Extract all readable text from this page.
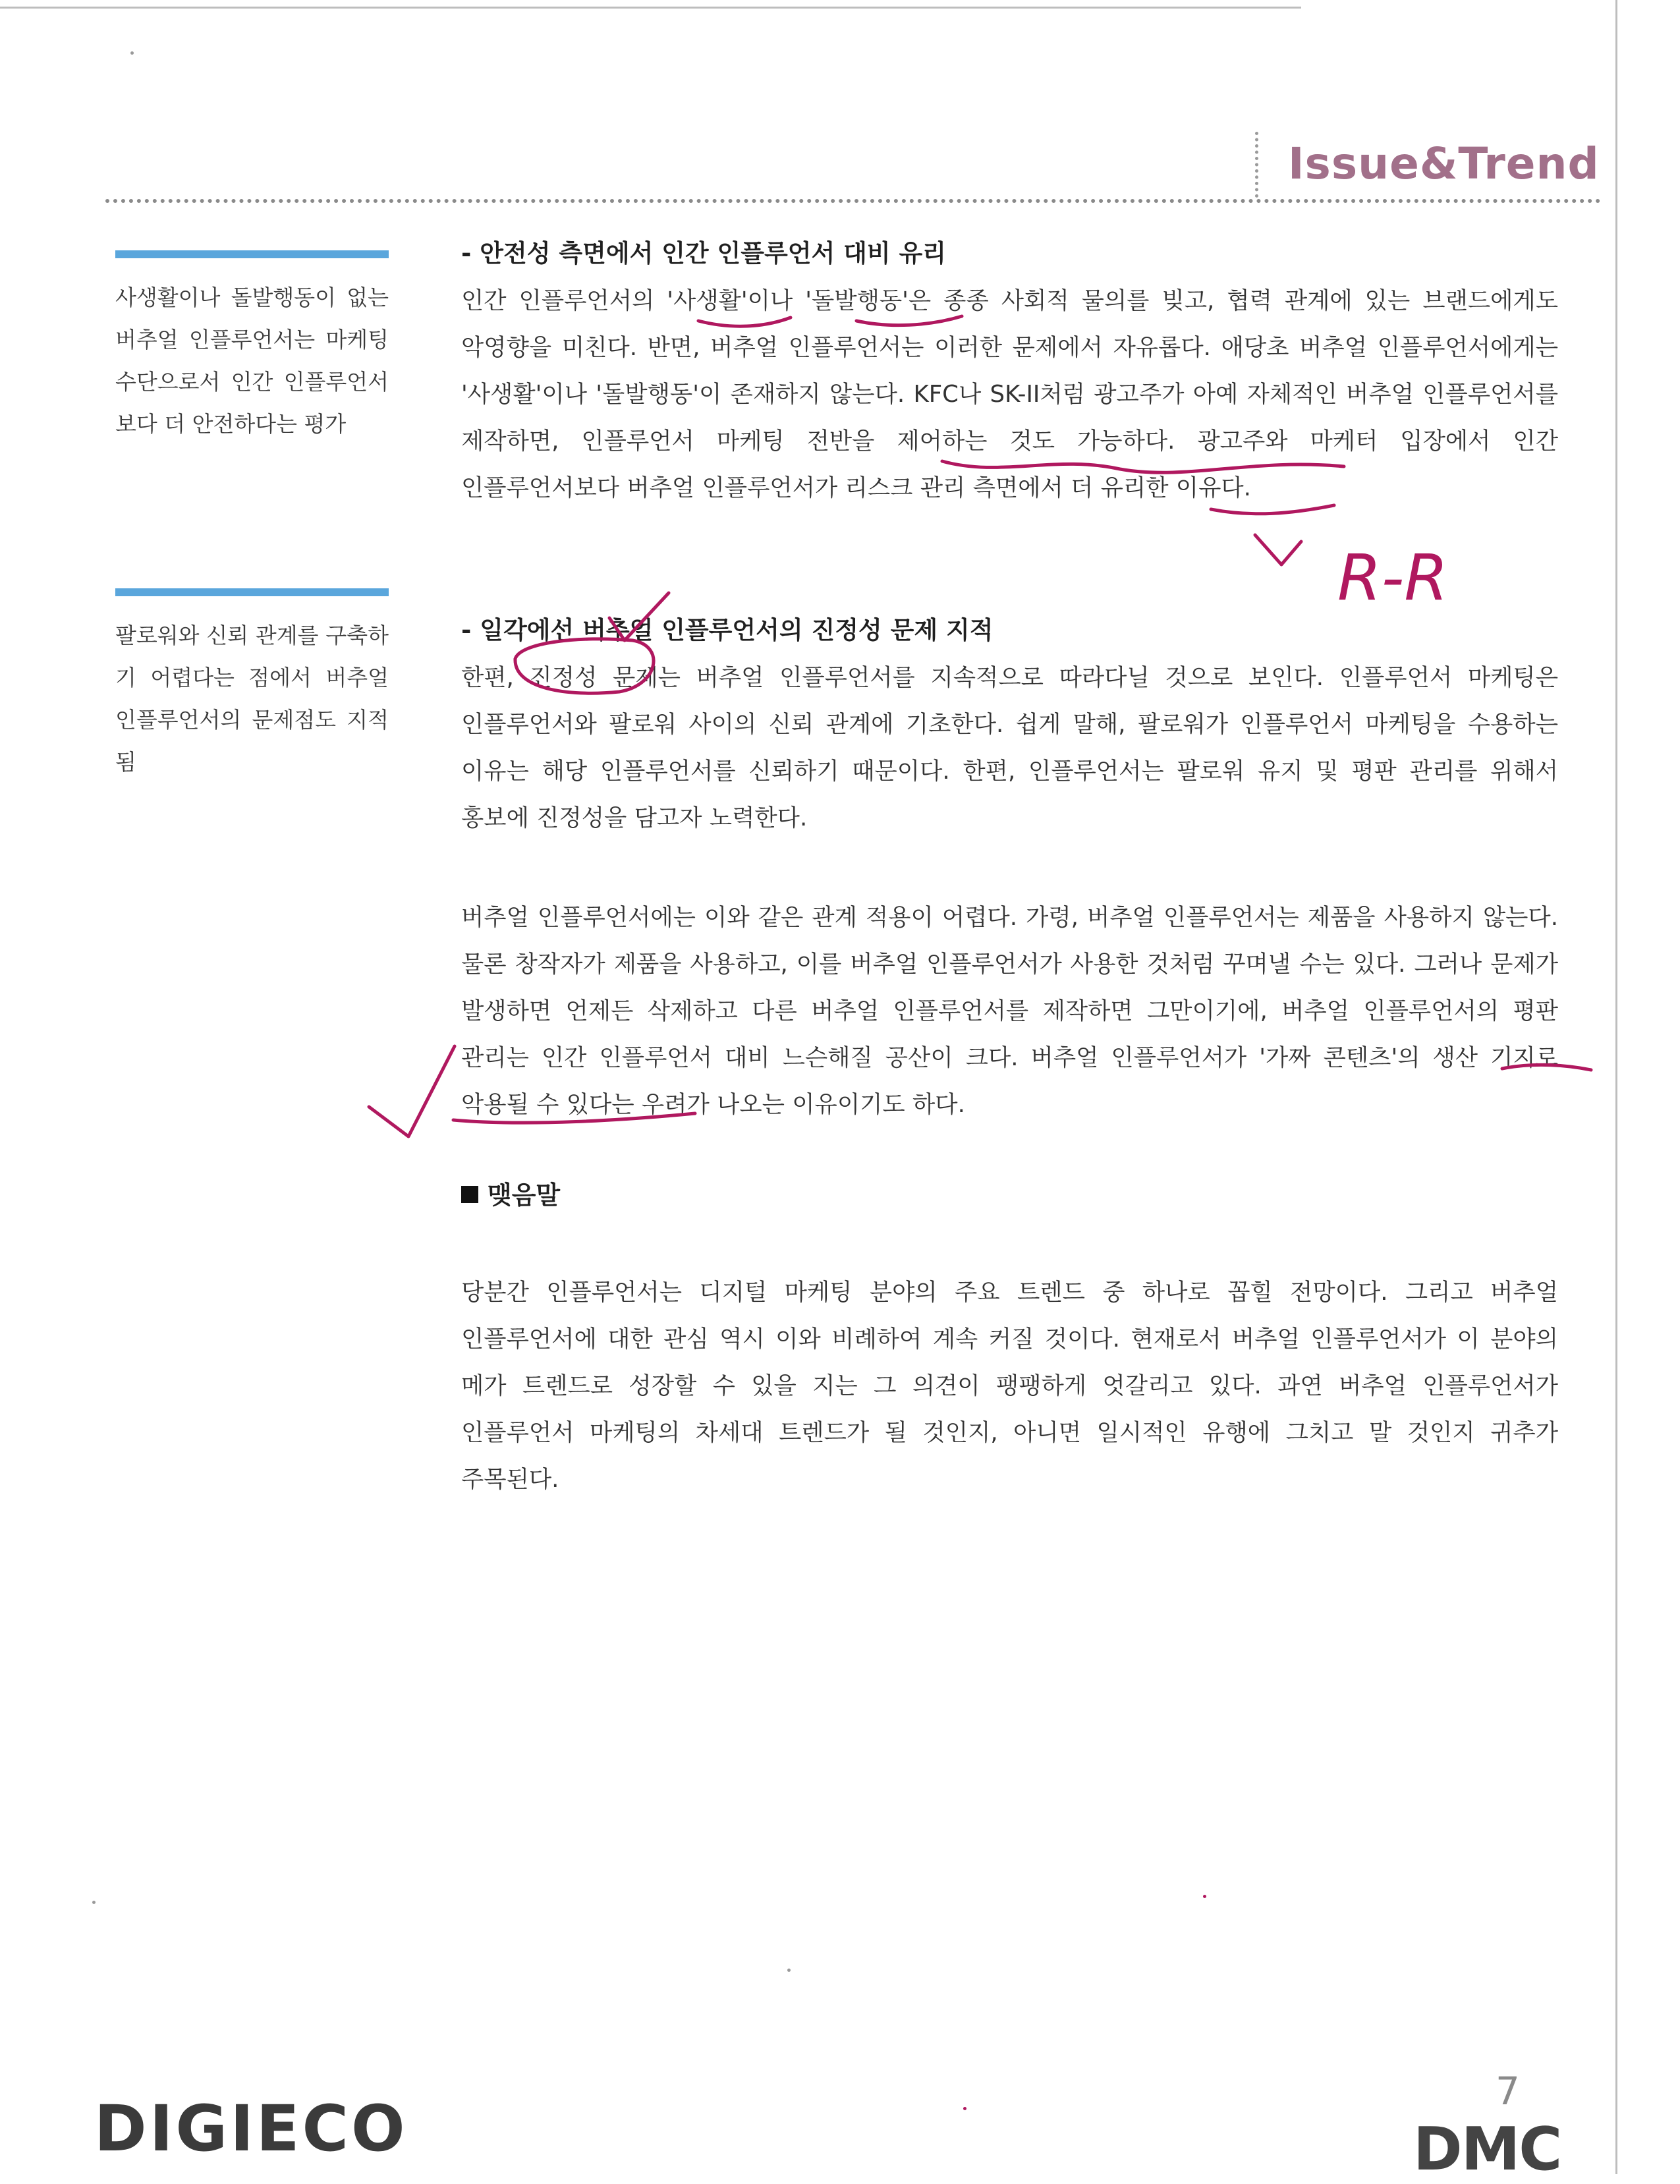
Issue&Trend
사생활이나 돌발행동이 없는 버추얼 인플루언서는 마케팅 수단으로서 인간 인플루언서보다 더 안전하다는 평가
팔로워와 신뢰 관계를 구축하기 어렵다는 점에서 버추얼 인플루언서의 문제점도 지적됨
- 안전성 측면에서 인간 인플루언서 대비 유리
인간 인플루언서의 '사생활'이나 '돌발행동'은 종종 사회적 물의를 빚고, 협력 관계에 있는 브랜드에게도 악영향을 미친다. 반면, 버추얼 인플루언서는 이러한 문제에서 자유롭다. 애당초 버추얼 인플루언서에게는 '사생활'이나 '돌발행동'이 존재하지 않는다. KFC나 SK-II처럼 광고주가 아예 자체적인 버추얼 인플루언서를 제작하면, 인플루언서 마케팅 전반을 제어하는 것도 가능하다. 광고주와 마케터 입장에서 인간 인플루언서보다 버추얼 인플루언서가 리스크 관리 측면에서 더 유리한 이유다.
- 일각에선 버추얼 인플루언서의 진정성 문제 지적
한편, 진정성 문제는 버추얼 인플루언서를 지속적으로 따라다닐 것으로 보인다. 인플루언서 마케팅은 인플루언서와 팔로워 사이의 신뢰 관계에 기초한다. 쉽게 말해, 팔로워가 인플루언서 마케팅을 수용하는 이유는 해당 인플루언서를 신뢰하기 때문이다. 한편, 인플루언서는 팔로워 유지 및 평판 관리를 위해서 홍보에 진정성을 담고자 노력한다.
버추얼 인플루언서에는 이와 같은 관계 적용이 어렵다. 가령, 버추얼 인플루언서는 제품을 사용하지 않는다. 물론 창작자가 제품을 사용하고, 이를 버추얼 인플루언서가 사용한 것처럼 꾸며낼 수는 있다. 그러나 문제가 발생하면 언제든 삭제하고 다른 버추얼 인플루언서를 제작하면 그만이기에, 버추얼 인플루언서의 평판 관리는 인간 인플루언서 대비 느슨해질 공산이 크다. 버추얼 인플루언서가 '가짜 콘텐츠'의 생산 기지로 악용될 수 있다는 우려가 나오는 이유이기도 하다.
맺음말
당분간 인플루언서는 디지털 마케팅 분야의 주요 트렌드 중 하나로 꼽힐 전망이다. 그리고 버추얼 인플루언서에 대한 관심 역시 이와 비례하여 계속 커질 것이다. 현재로서 버추얼 인플루언서가 이 분야의 메가 트렌드로 성장할 수 있을 지는 그 의견이 팽팽하게 엇갈리고 있다. 과연 버추얼 인플루언서가 인플루언서 마케팅의 차세대 트렌드가 될 것인지, 아니면 일시적인 유행에 그치고 말 것인지 귀추가 주목된다.
DIGIECO
7
DMC
R-R
